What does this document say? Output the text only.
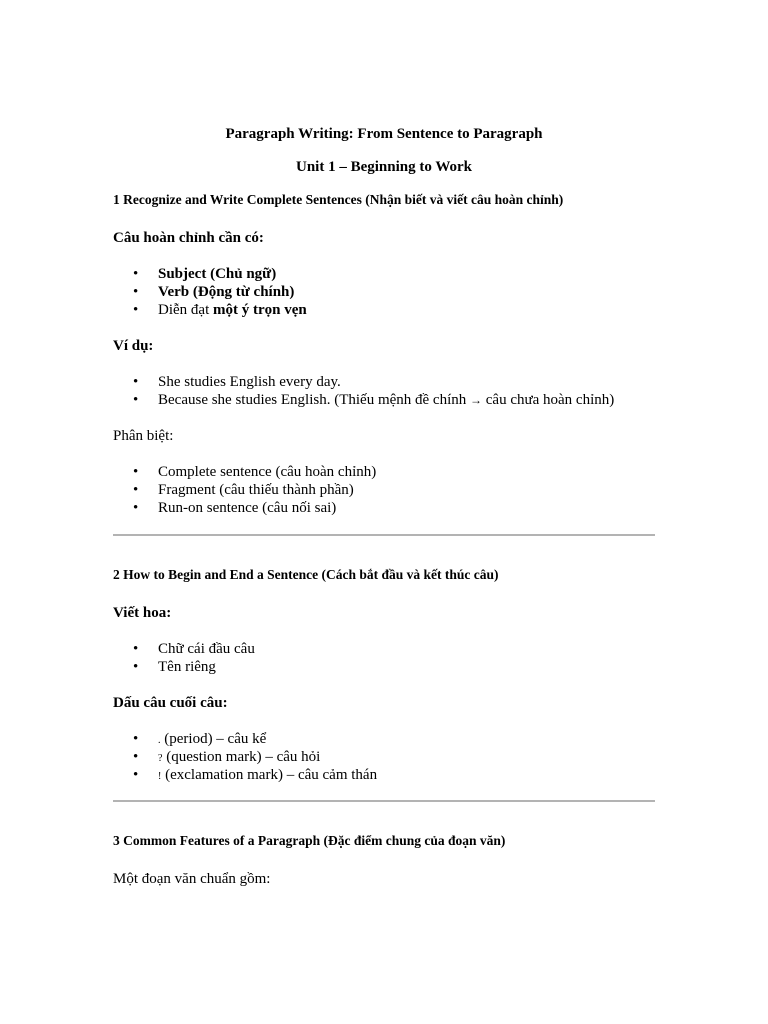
Paragraph Writing: From Sentence to Paragraph
Unit 1 – Beginning to Work
1 Recognize and Write Complete Sentences (Nhận biết và viết câu hoàn chỉnh)
Câu hoàn chỉnh cần có:
• Subject (Chủ ngữ)
• Verb (Động từ chính)
• Diễn đạt một ý trọn vẹn
Ví dụ:
• She studies English every day.
• Because she studies English. (Thiếu mệnh đề chính → câu chưa hoàn chỉnh)
Phân biệt:
• Complete sentence (câu hoàn chỉnh)
• Fragment (câu thiếu thành phần)
• Run-on sentence (câu nối sai)
2 How to Begin and End a Sentence (Cách bắt đầu và kết thúc câu)
Viết hoa:
• Chữ cái đầu câu
• Tên riêng
Dấu câu cuối câu:
• . (period) – câu kể
• ? (question mark) – câu hỏi
• ! (exclamation mark) – câu cảm thán
3 Common Features of a Paragraph (Đặc điểm chung của đoạn văn)
Một đoạn văn chuẩn gồm:
